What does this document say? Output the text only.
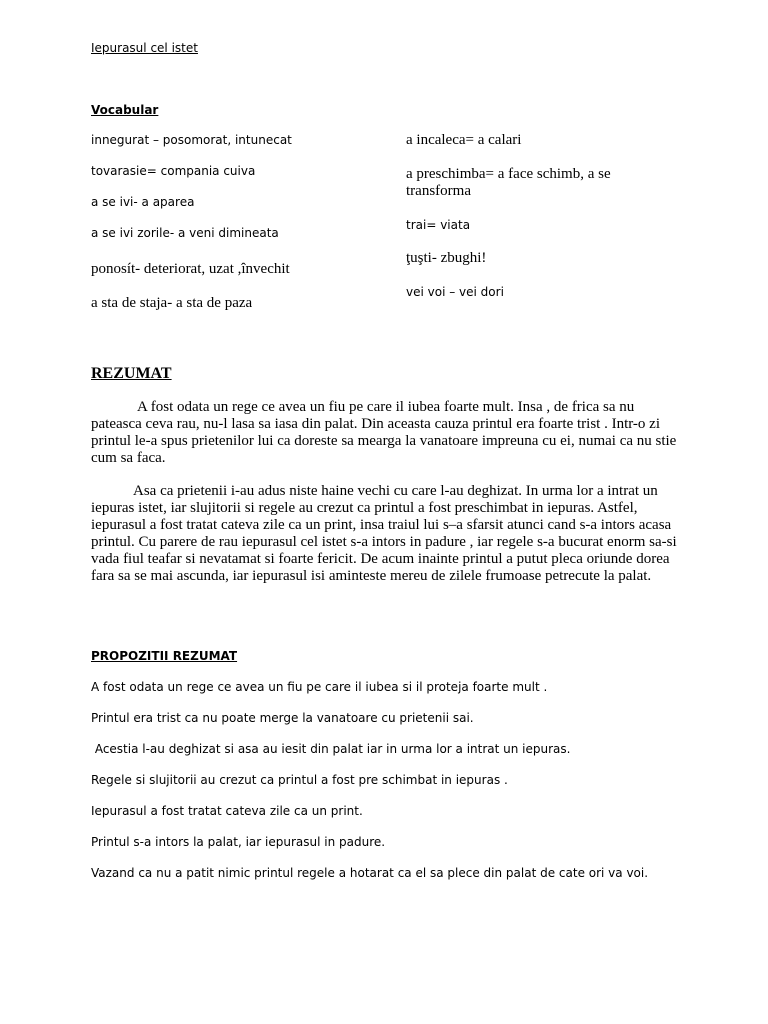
Iepurasul cel istet

Vocabular

innegurat – posomorat, intunecat

tovarasie= compania cuiva

a se ivi- a aparea

a se ivi zorile- a veni dimineata

ponosít- deteriorat, uzat ,învechit

a sta de staja- a sta de paza

a incaleca= a calari

a preschimba= a face schimb, a se transforma

trai= viata

ţuşti- zbughi!

vei voi – vei dori

REZUMAT

A fost odata un rege ce avea un fiu pe care il iubea foarte mult. Insa , de frica sa nu pateasca ceva rau, nu-l lasa sa iasa din palat. Din aceasta cauza printul era foarte trist . Intr-o zi printul le-a spus prietenilor lui ca doreste sa mearga la vanatoare impreuna cu ei, numai ca nu stie cum sa faca.

Asa ca prietenii i-au adus niste haine vechi cu care l-au deghizat. In urma lor a intrat un iepuras istet, iar slujitorii si regele au crezut ca printul a fost preschimbat in iepuras. Astfel, iepurasul a fost tratat cateva zile ca un print, insa traiul lui s–a sfarsit atunci cand s-a intors acasa printul. Cu parere de rau iepurasul cel istet s-a intors in padure , iar regele s-a bucurat enorm sa-si vada fiul teafar si nevatamat si foarte fericit. De acum inainte printul a putut pleca oriunde dorea fara sa se mai ascunda, iar iepurasul isi aminteste mereu de zilele frumoase petrecute la palat.

PROPOZITII REZUMAT

A fost odata un rege ce avea un fiu pe care il iubea si il proteja foarte mult .

Printul era trist ca nu poate merge la vanatoare cu prietenii sai.

Acestia l-au deghizat si asa au iesit din palat iar in urma lor a intrat un iepuras.

Regele si slujitorii au crezut ca printul a fost pre schimbat in iepuras .

Iepurasul a fost tratat cateva zile ca un print.

Printul s-a intors la palat, iar iepurasul in padure.

Vazand ca nu a patit nimic printul regele a hotarat ca el sa plece din palat de cate ori va voi.
